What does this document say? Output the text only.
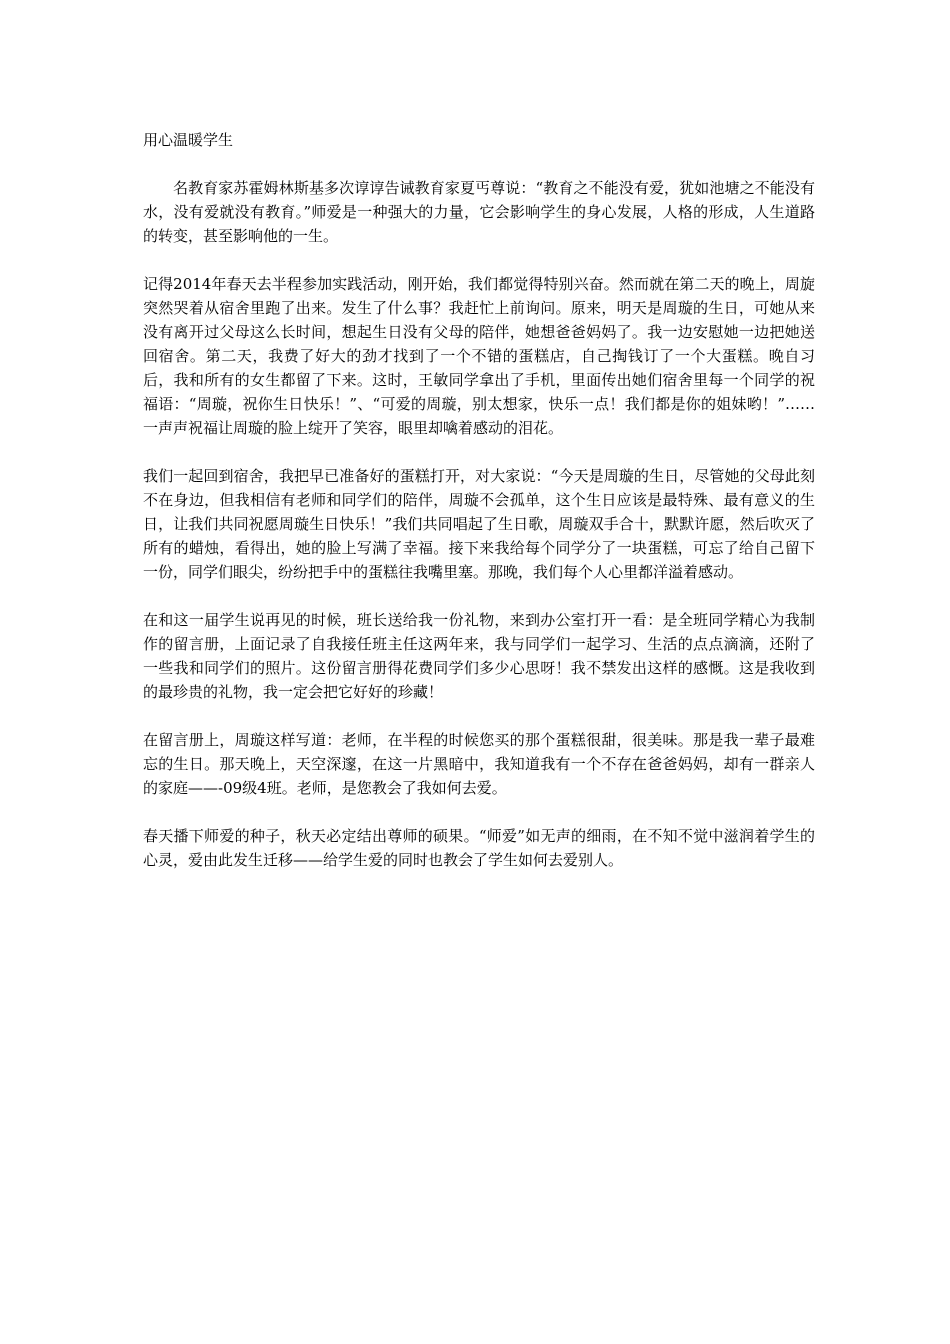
用心温暖学生

名教育家苏霍姆林斯基多次谆谆告诫教育家夏丐尊说：“教育之不能没有爱，犹如池塘之不能没有水，没有爱就没有教育。”师爱是一种强大的力量，它会影响学生的身心发展，人格的形成，人生道路的转变，甚至影响他的一生。

记得2014年春天去半程参加实践活动，刚开始，我们都觉得特别兴奋。然而就在第二天的晚上，周旋突然哭着从宿舍里跑了出来。发生了什么事？我赶忙上前询问。原来，明天是周璇的生日，可她从来没有离开过父母这么长时间，想起生日没有父母的陪伴，她想爸爸妈妈了。我一边安慰她一边把她送回宿舍。第二天，我费了好大的劲才找到了一个不错的蛋糕店，自己掏钱订了一个大蛋糕。晚自习后，我和所有的女生都留了下来。这时，王敏同学拿出了手机，里面传出她们宿舍里每一个同学的祝福语：“周璇，祝你生日快乐！”、“可爱的周璇，别太想家，快乐一点！我们都是你的姐妹哟！”……一声声祝福让周璇的脸上绽开了笑容，眼里却噙着感动的泪花。

我们一起回到宿舍，我把早已准备好的蛋糕打开，对大家说：“今天是周璇的生日，尽管她的父母此刻不在身边，但我相信有老师和同学们的陪伴，周璇不会孤单，这个生日应该是最特殊、最有意义的生日，让我们共同祝愿周璇生日快乐！”我们共同唱起了生日歌，周璇双手合十，默默许愿，然后吹灭了所有的蜡烛，看得出，她的脸上写满了幸福。接下来我给每个同学分了一块蛋糕，可忘了给自己留下一份，同学们眼尖，纷纷把手中的蛋糕往我嘴里塞。那晚，我们每个人心里都洋溢着感动。

在和这一届学生说再见的时候，班长送给我一份礼物，来到办公室打开一看：是全班同学精心为我制作的留言册，上面记录了自我接任班主任这两年来，我与同学们一起学习、生活的点点滴滴，还附了一些我和同学们的照片。这份留言册得花费同学们多少心思呀！我不禁发出这样的感慨。这是我收到的最珍贵的礼物，我一定会把它好好的珍藏！

在留言册上，周璇这样写道：老师，在半程的时候您买的那个蛋糕很甜，很美味。那是我一辈子最难忘的生日。那天晚上，天空深邃，在这一片黑暗中，我知道我有一个不存在爸爸妈妈，却有一群亲人的家庭——-09级4班。老师，是您教会了我如何去爱。

春天播下师爱的种子，秋天必定结出尊师的硕果。“师爱”如无声的细雨，在不知不觉中滋润着学生的心灵，爱由此发生迁移——给学生爱的同时也教会了学生如何去爱别人。
